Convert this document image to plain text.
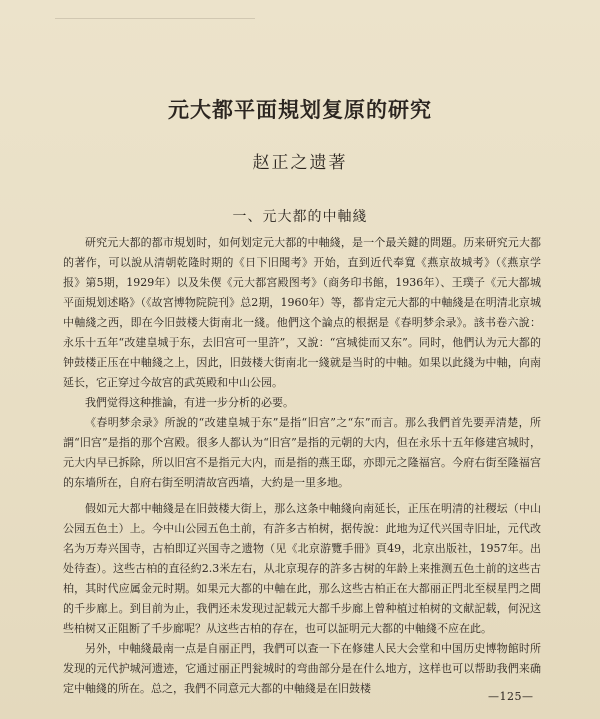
元大都平面規划复原的研究
赵正之遗著
一、元大都的中軸綫

研究元大都的都市規划时，如何划定元大都的中軸綫，是一个最关鍵的問題。历来研究元大都的著作，可以說从清朝乾隆时期的《日下旧聞考》开始，直到近代奉寬《燕京故城考》（《燕京学报》第5期，1929年）以及朱偰《元大都宮殿图考》（商务印书館，1936年）、王璞子《元大都城平面規划述略》（《故宮博物院院刊》总2期，1960年）等，都肯定元大都的中軸綫是在明清北京城中軸綫之西，即在今旧鼓楼大街南北一綫。他們这个論点的根据是《春明梦余录》。該书卷六說：永乐十五年“改建皇城于东，去旧宫可一里許”，又說：“宫城徙而又东”。同时，他們认为元大都的钟鼓楼正压在中軸綫之上，因此，旧鼓楼大街南北一綫就是当时的中軸。如果以此綫为中軸，向南延长，它正穿过今故宫的武英殿和中山公园。

我們觉得这种推論，有进一步分析的必要。

《春明梦余录》所說的“改建皇城于东”是指“旧宫”之“东”而言。那么我們首先要弄清楚，所謂“旧宫”是指的那个宫殿。很多人都认为“旧宫”是指的元朝的大内，但在永乐十五年修建宫城时，元大内早已拆除，所以旧宫不是指元大内，而是指的燕王邸，亦即元之隆福宫。今府右街至隆福宫的东墙所在，自府右街至明清故宫西墙，大約是一里多地。

假如元大都中軸綫是在旧鼓楼大街上，那么这条中軸綫向南延长，正压在明清的社稷坛（中山公园五色土）上。今中山公园五色土前，有許多古柏树，据传說：此地为辽代兴国寺旧址，元代改名为万寿兴国寺，古柏即辽兴国寺之遗物（见《北京游覽手冊》頁49，北京出版社，1957年。出处待查）。这些古柏的直径約2.3米左右，从北京現存的許多古树的年龄上来推测五色土前的这些古柏，其时代应属金元时期。如果元大都的中軸在此，那么这些古柏正在大都丽正門北至棂星門之間的千步廊上。到目前为止，我們还未发现过記载元大都千步廊上曾种植过柏树的文献記载，何況这些柏树又正阻断了千步廊呢？从这些古柏的存在，也可以証明元大都的中軸綫不应在此。

另外，中軸綫最南一点是自丽正門，我們可以查一下在修建人民大会堂和中国历史博物館时所发现的元代护城河遗迹，它通过丽正門瓮城时的弯曲部分是在什么地方，这样也可以帮助我們来确定中軸綫的所在。总之，我們不同意元大都的中軸綫是在旧鼓楼

—125—
